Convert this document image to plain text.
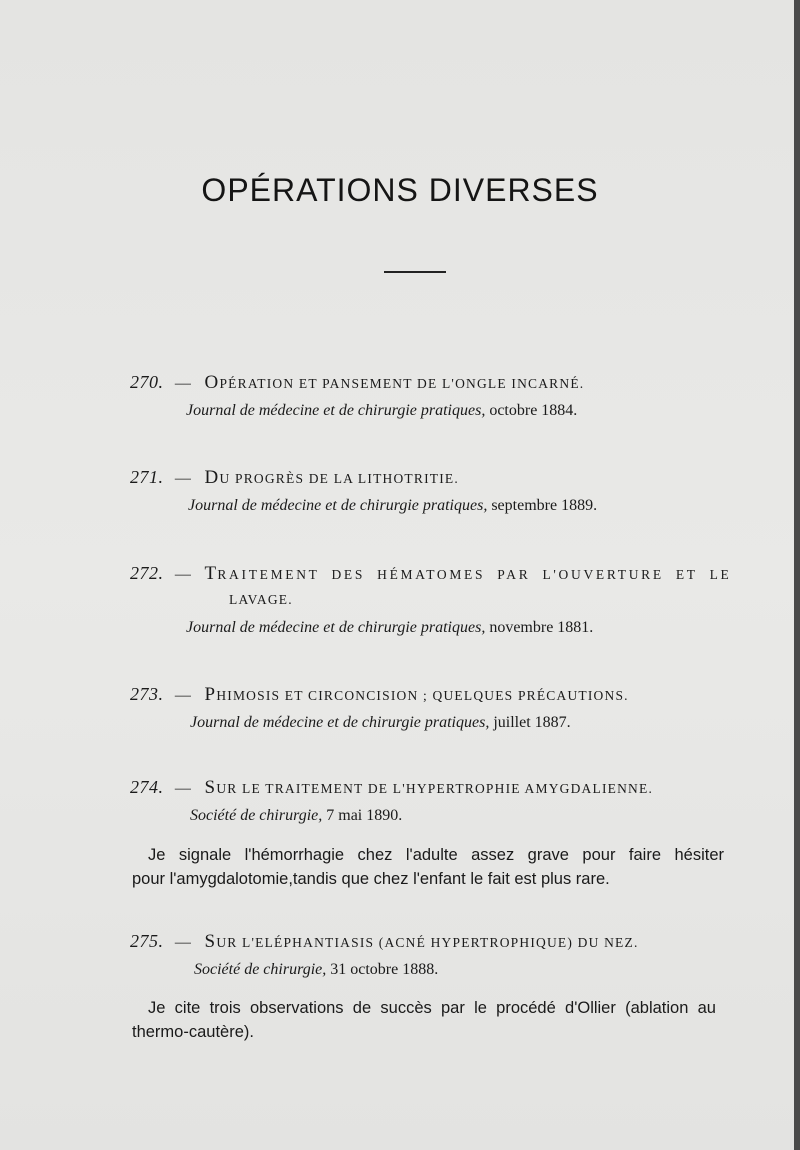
OPÉRATIONS DIVERSES
270. — OPÉRATION ET PANSEMENT DE L'ONGLE INCARNÉ.
Journal de médecine et de chirurgie pratiques, octobre 1884.
271. — DU PROGRÈS DE LA LITHOTRITIE.
Journal de médecine et de chirurgie pratiques, septembre 1889.
272. — TRAITEMENT DES HÉMATOMES PAR L'OUVERTURE ET LE
LAVAGE.
Journal de médecine et de chirurgie pratiques, novembre 1881.
273. — PHIMOSIS ET CIRCONCISION ; QUELQUES PRÉCAUTIONS.
Journal de médecine et de chirurgie pratiques, juillet 1887.
274. — SUR LE TRAITEMENT DE L'HYPERTROPHIE AMYGDALIENNE.
Société de chirurgie, 7 mai 1890.
Je signale l'hémorrhagie chez l'adulte assez grave pour faire hésiter
pour l'amygdalotomie,tandis que chez l'enfant le fait est plus rare.
275. — SUR L'ELÉPHANTIASIS (ACNÉ HYPERTROPHIQUE) DU NEZ.
Société de chirurgie, 31 octobre 1888.
Je cite trois observations de succès par le procédé d'Ollier (ablation au
thermo-cautère).
